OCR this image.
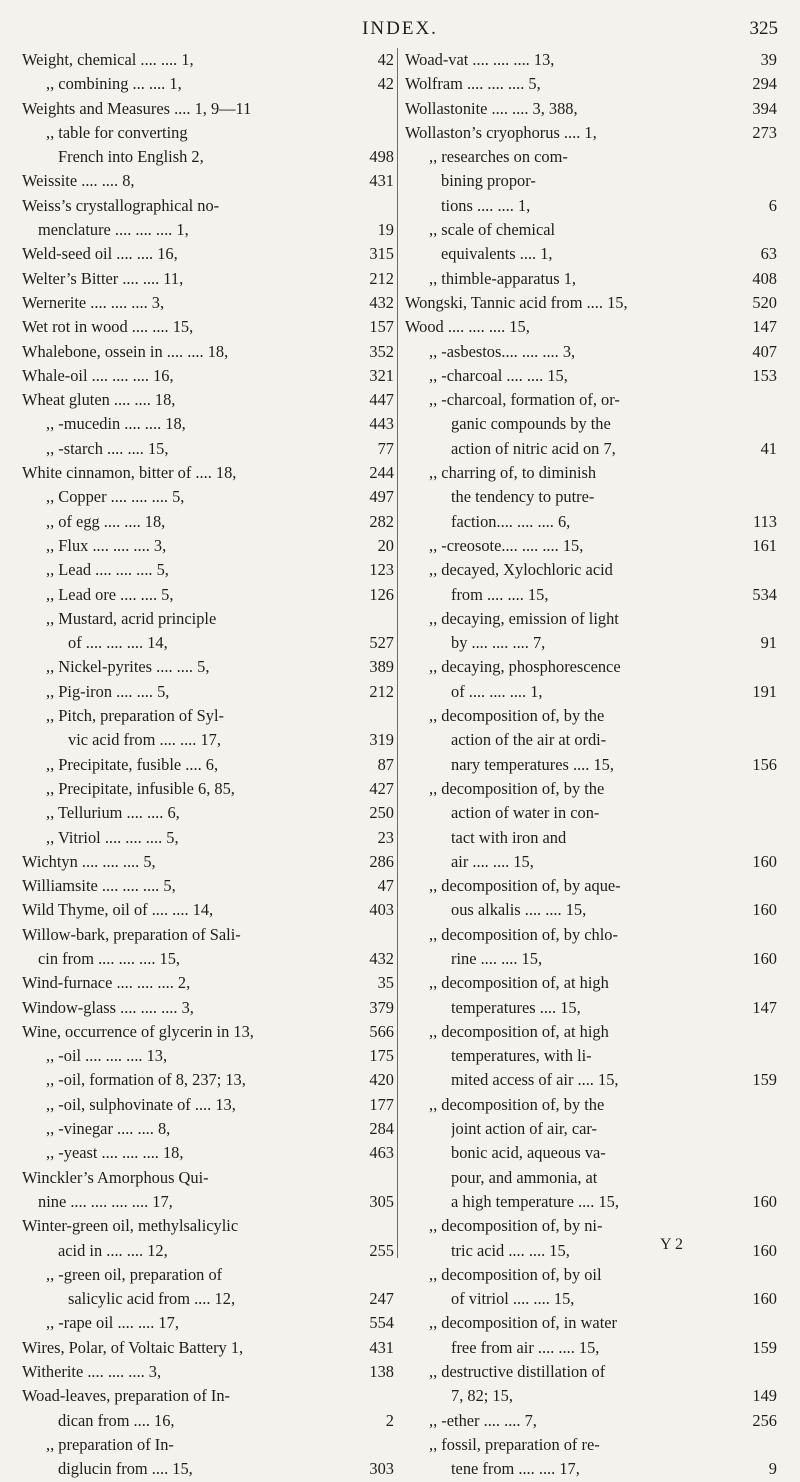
INDEX.	325
Weight, chemical .... .... 1,	42
,, combining ... .... 1,	42
Weights and Measures .... 1, 9—11
,, table for converting
French into English 2,	498
Weissite .... .... 8,	431
Weiss’s crystallographical no-
menclature .... .... .... 1,	19
Weld-seed oil .... .... 16,	315
Welter’s Bitter .... .... 11,	212
Wernerite .... .... .... 3,	432
Wet rot in wood .... .... 15,	157
Whalebone, ossein in .... .... 18,	352
Whale-oil .... .... .... 16,	321
Wheat gluten .... .... 18,	447
,, -mucedin .... .... 18,	443
,, -starch .... .... 15,	77
White cinnamon, bitter of .... 18,	244
,, Copper .... .... .... 5,	497
,, of egg .... .... 18,	282
,, Flux .... .... .... 3,	20
,, Lead .... .... .... 5,	123
,, Lead ore .... .... 5,	126
,, Mustard, acrid principle
of .... .... .... 14,	527
,, Nickel-pyrites .... .... 5,	389
,, Pig-iron .... .... 5,	212
,, Pitch, preparation of Syl-
vic acid from .... .... 17,	319
,, Precipitate, fusible .... 6,	87
,, Precipitate, infusible 6, 85,	427
,, Tellurium .... .... 6,	250
,, Vitriol .... .... .... 5,	23
Wichtyn .... .... .... 5,	286
Williamsite .... .... .... 5,	47
Wild Thyme, oil of .... .... 14,	403
Willow-bark, preparation of Sali-
cin from .... .... .... 15,	432
Wind-furnace .... .... .... 2,	35
Window-glass .... .... .... 3,	379
Wine, occurrence of glycerin in 13,	566
,, -oil .... .... .... 13,	175
,, -oil, formation of 8, 237; 13,	420
,, -oil, sulphovinate of .... 13,	177
,, -vinegar .... .... 8,	284
,, -yeast .... .... .... 18,	463
Winckler’s Amorphous Qui-
nine .... .... .... .... 17,	305
Winter-green oil, methylsalicylic
acid in .... .... 12,	255
,, -green oil, preparation of
salicylic acid from .... 12,	247
,, -rape oil .... .... 17,	554
Wires, Polar, of Voltaic Battery 1,	431
Witherite .... .... .... 3,	138
Woad-leaves, preparation of In-
dican from .... 16,	2
,, preparation of In-
diglucin from .... 15,	303
Woad-vat .... .... .... 13,	39
Wolfram .... .... .... 5,	294
Wollastonite .... .... 3, 388,	394
Wollaston’s cryophorus .... 1,	273
,, researches on com-
bining propor-
tions .... .... 1,	6
,, scale of chemical
equivalents .... 1,	63
,, thimble-apparatus 1,	408
Wongski, Tannic acid from .... 15,	520
Wood .... .... .... 15,	147
,, -asbestos.... .... .... 3,	407
,, -charcoal .... .... 15,	153
,, -charcoal, formation of, or-
ganic compounds by the
action of nitric acid on 7,	41
,, charring of, to diminish
the tendency to putre-
faction.... .... .... 6,	113
,, -creosote.... .... .... 15,	161
,, decayed, Xylochloric acid
from .... .... 15,	534
,, decaying, emission of light
by .... .... .... 7,	91
,, decaying, phosphorescence
of .... .... .... 1,	191
,, decomposition of, by the
action of the air at ordi-
nary temperatures .... 15,	156
,, decomposition of, by the
action of water in con-
tact with iron and
air .... .... 15,	160
,, decomposition of, by aque-
ous alkalis .... .... 15,	160
,, decomposition of, by chlo-
rine .... .... 15,	160
,, decomposition of, at high
temperatures .... 15,	147
,, decomposition of, at high
temperatures, with li-
mited access of air .... 15,	159
,, decomposition of, by the
joint action of air, car-
bonic acid, aqueous va-
pour, and ammonia, at
a high temperature .... 15,	160
,, decomposition of, by ni-
tric acid .... .... 15,	160
,, decomposition of, by oil
of vitriol .... .... 15,	160
,, decomposition of, in water
free from air .... .... 15,	159
,, destructive distillation of
7, 82; 15,	149
,, -ether .... .... 7,	256
,, fossil, preparation of re-
tene from .... .... 17,	9
Y 2
